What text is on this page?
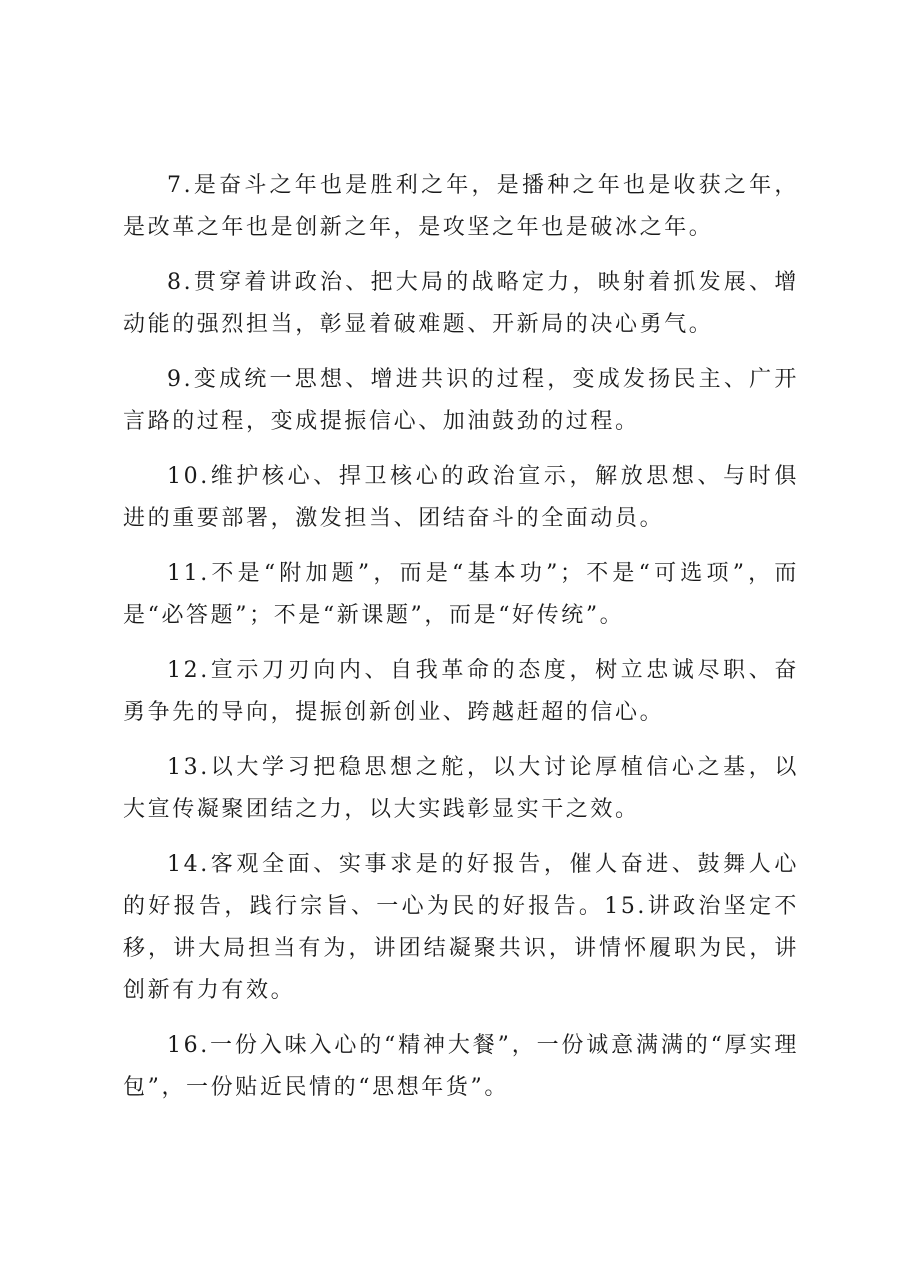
7.是奋斗之年也是胜利之年，是播种之年也是收获之年，是改革之年也是创新之年，是攻坚之年也是破冰之年。

8.贯穿着讲政治、把大局的战略定力，映射着抓发展、增动能的强烈担当，彰显着破难题、开新局的决心勇气。

9.变成统一思想、增进共识的过程，变成发扬民主、广开言路的过程，变成提振信心、加油鼓劲的过程。

10.维护核心、捍卫核心的政治宣示，解放思想、与时俱进的重要部署，激发担当、团结奋斗的全面动员。

11.不是“附加题”，而是“基本功”；不是“可选项”，而是“必答题”；不是“新课题”，而是“好传统”。

12.宣示刀刃向内、自我革命的态度，树立忠诚尽职、奋勇争先的导向，提振创新创业、跨越赶超的信心。

13.以大学习把稳思想之舵，以大讨论厚植信心之基，以大宣传凝聚团结之力，以大实践彰显实干之效。

14.客观全面、实事求是的好报告，催人奋进、鼓舞人心的好报告，践行宗旨、一心为民的好报告。15.讲政治坚定不移，讲大局担当有为，讲团结凝聚共识，讲情怀履职为民，讲创新有力有效。

16.一份入味入心的“精神大餐”，一份诚意满满的“厚实理包”，一份贴近民情的“思想年货”。
